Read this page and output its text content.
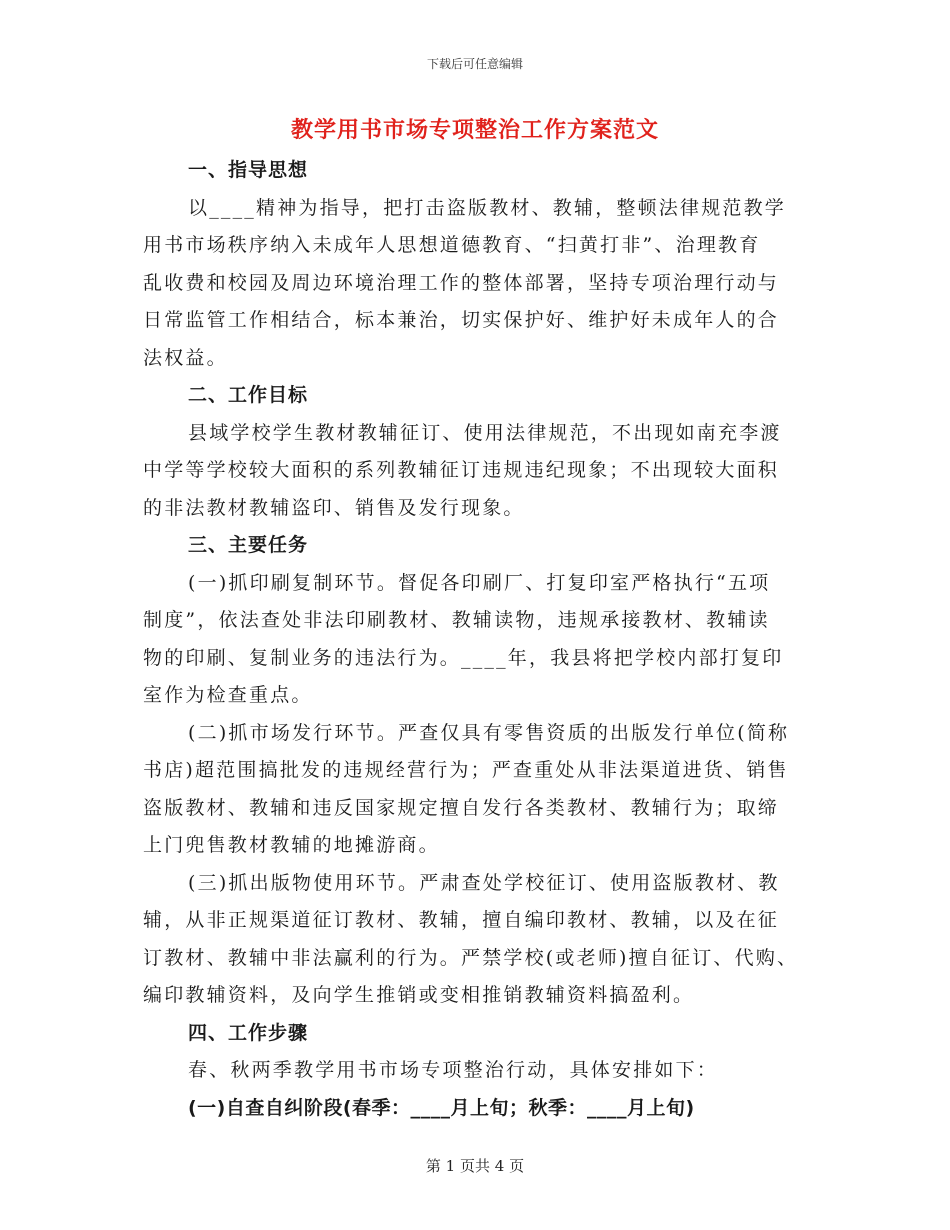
下载后可任意编辑
教学用书市场专项整治工作方案范文
一、指导思想
以____精神为指导，把打击盗版教材、教辅，整顿法律规范教学
用书市场秩序纳入未成年人思想道德教育、“扫黄打非”、治理教育
乱收费和校园及周边环境治理工作的整体部署，坚持专项治理行动与
日常监管工作相结合，标本兼治，切实保护好、维护好未成年人的合
法权益。
二、工作目标
县域学校学生教材教辅征订、使用法律规范，不出现如南充李渡
中学等学校较大面积的系列教辅征订违规违纪现象；不出现较大面积
的非法教材教辅盗印、销售及发行现象。
三、主要任务
(一)抓印刷复制环节。督促各印刷厂、打复印室严格执行“五项
制度”，依法查处非法印刷教材、教辅读物，违规承接教材、教辅读
物的印刷、复制业务的违法行为。____年，我县将把学校内部打复印
室作为检查重点。
(二)抓市场发行环节。严查仅具有零售资质的出版发行单位(简称
书店)超范围搞批发的违规经营行为；严查重处从非法渠道进货、销售
盗版教材、教辅和违反国家规定擅自发行各类教材、教辅行为；取缔
上门兜售教材教辅的地摊游商。
(三)抓出版物使用环节。严肃查处学校征订、使用盗版教材、教
辅，从非正规渠道征订教材、教辅，擅自编印教材、教辅，以及在征
订教材、教辅中非法赢利的行为。严禁学校(或老师)擅自征订、代购、
编印教辅资料，及向学生推销或变相推销教辅资料搞盈利。
四、工作步骤
春、秋两季教学用书市场专项整治行动，具体安排如下：
(一)自查自纠阶段(春季：____月上旬；秋季：____月上旬)
第 1 页共 4 页
